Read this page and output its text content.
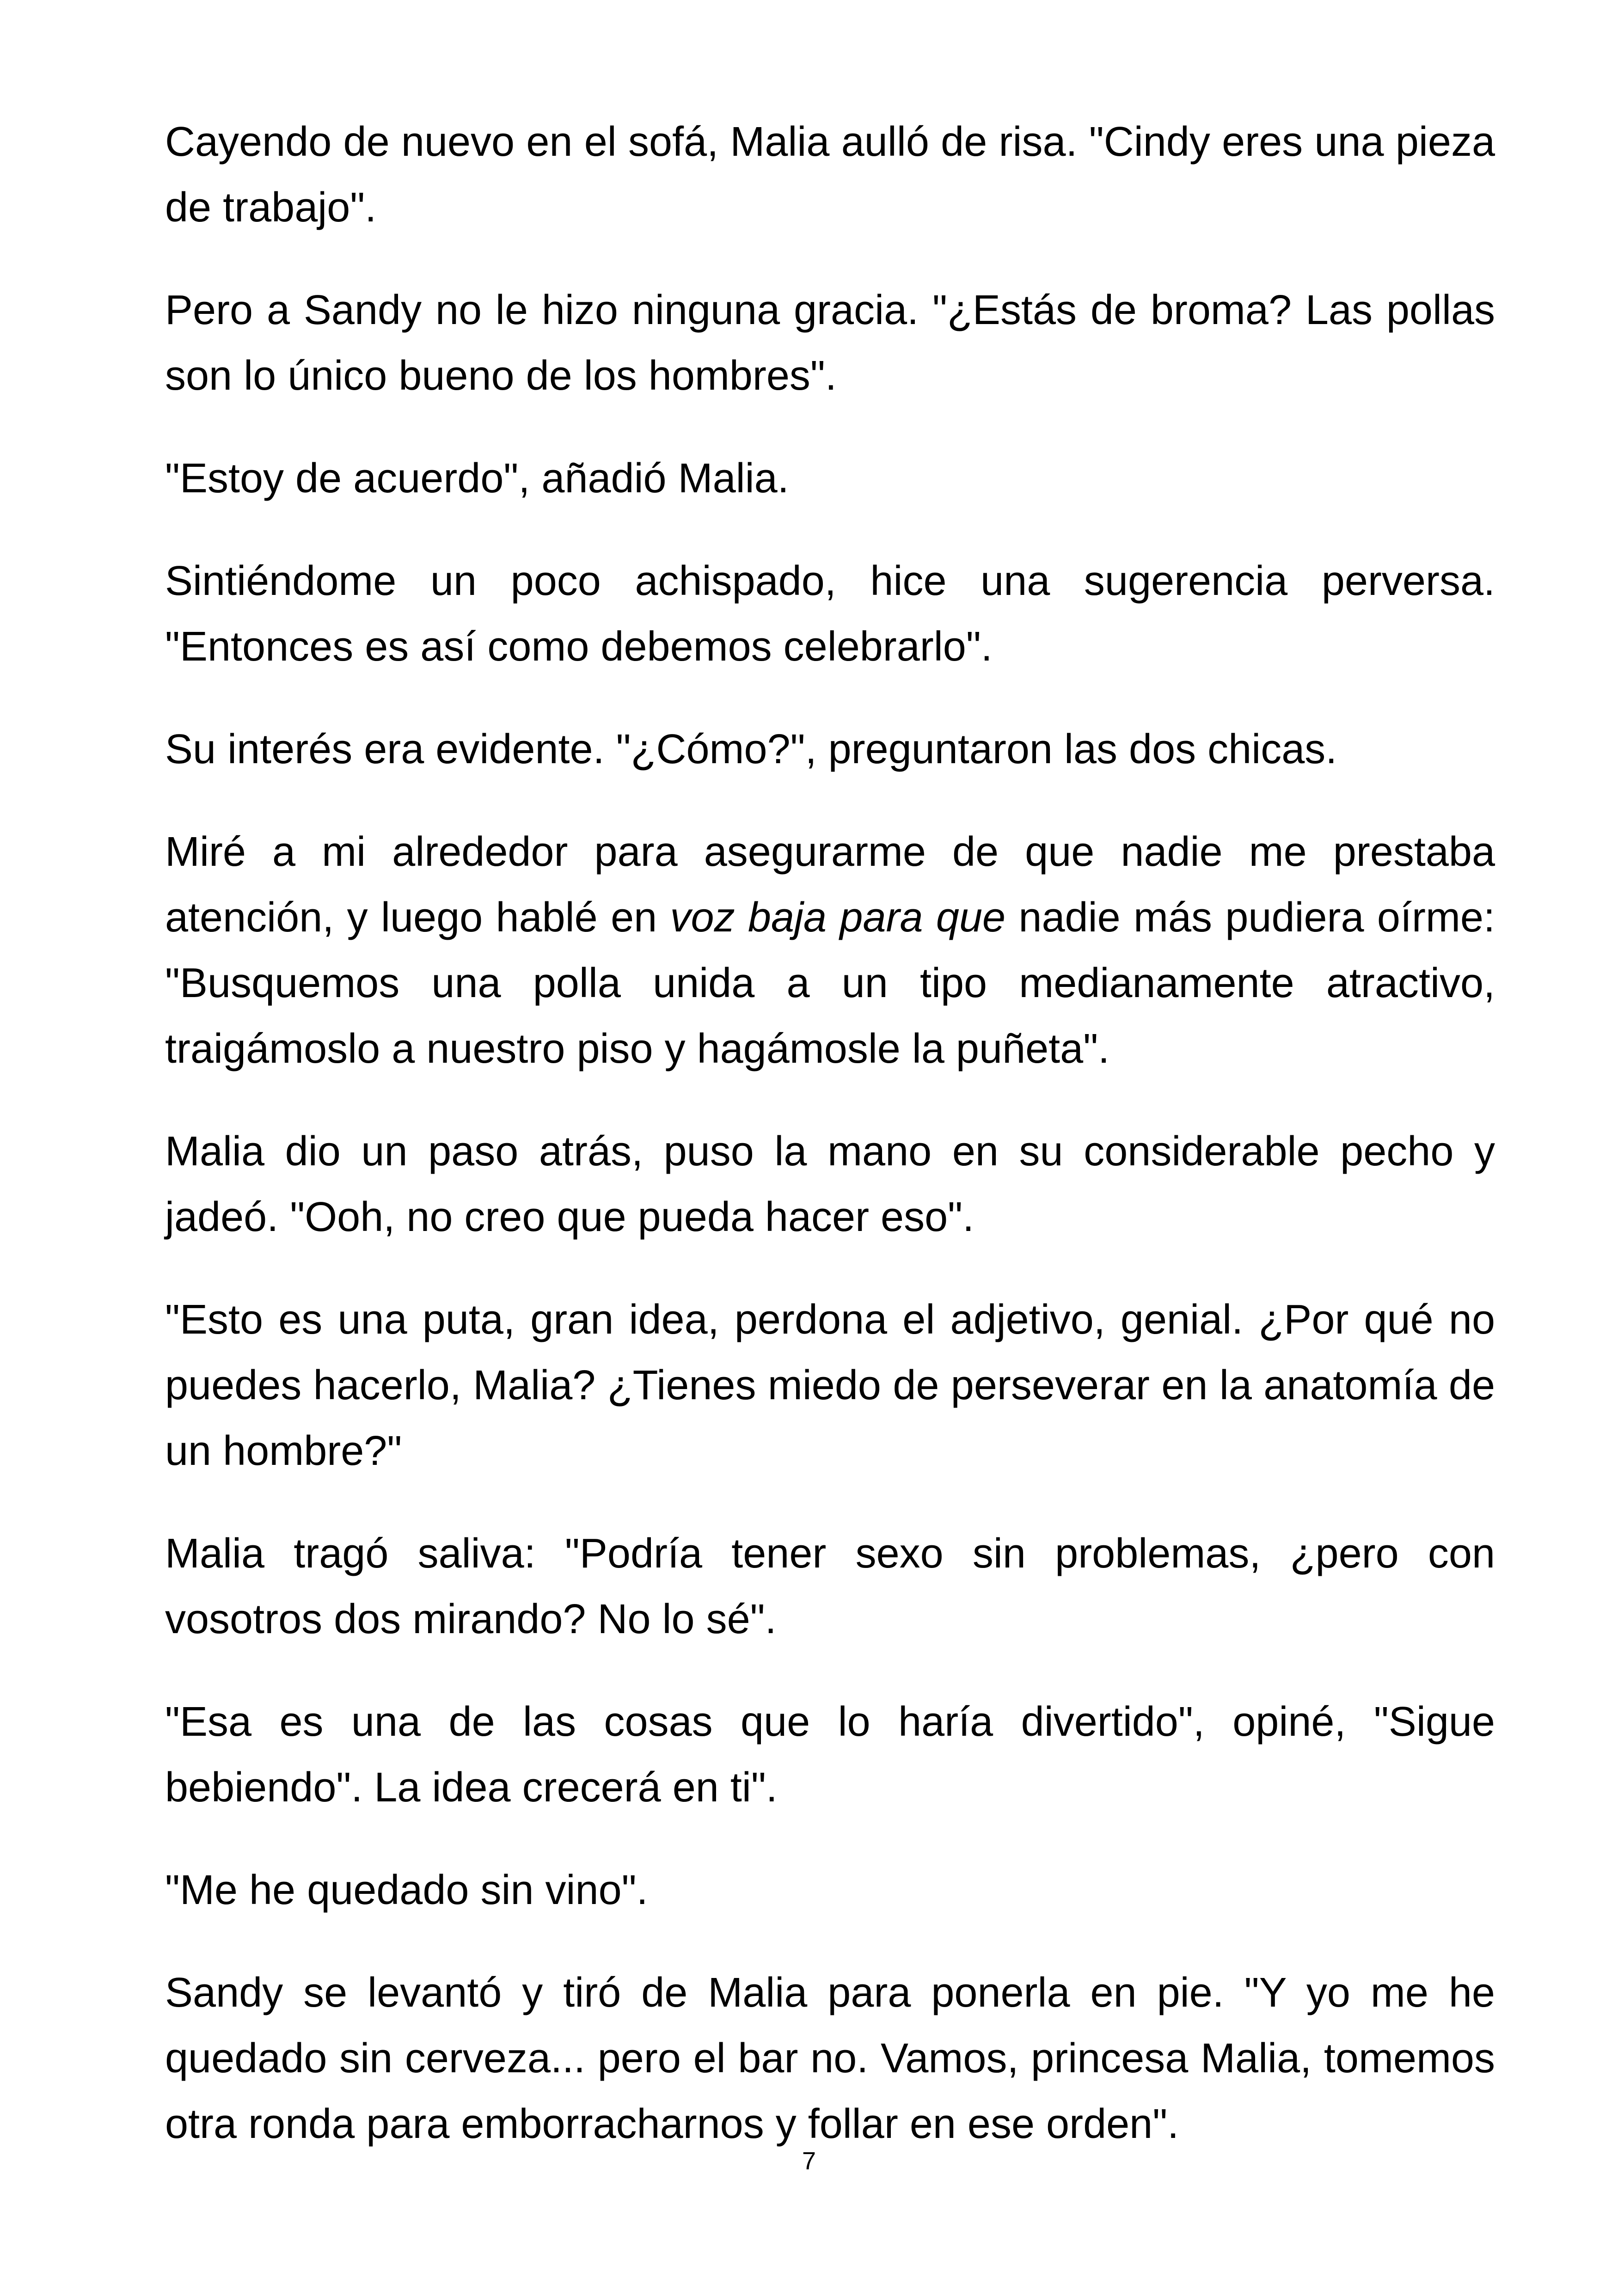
Cayendo de nuevo en el sofá, Malia aulló de risa. "Cindy eres una pieza de trabajo".

Pero a Sandy no le hizo ninguna gracia. "¿Estás de broma? Las pollas son lo único bueno de los hombres".

"Estoy de acuerdo", añadió Malia.

Sintiéndome un poco achispado, hice una sugerencia perversa. "Entonces es así como debemos celebrarlo".

Su interés era evidente. "¿Cómo?", preguntaron las dos chicas.

Miré a mi alrededor para asegurarme de que nadie me prestaba atención, y luego hablé en voz baja para que nadie más pudiera oírme: "Busquemos una polla unida a un tipo medianamente atractivo, traigámoslo a nuestro piso y hagámosle la puñeta".

Malia dio un paso atrás, puso la mano en su considerable pecho y jadeó. "Ooh, no creo que pueda hacer eso".

"Esto es una puta, gran idea, perdona el adjetivo, genial. ¿Por qué no puedes hacerlo, Malia? ¿Tienes miedo de perseverar en la anatomía de un hombre?"

Malia tragó saliva: "Podría tener sexo sin problemas, ¿pero con vosotros dos mirando? No lo sé".

"Esa es una de las cosas que lo haría divertido", opiné, "Sigue bebiendo". La idea crecerá en ti".

"Me he quedado sin vino".

Sandy se levantó y tiró de Malia para ponerla en pie. "Y yo me he quedado sin cerveza... pero el bar no. Vamos, princesa Malia, tomemos otra ronda para emborracharnos y follar en ese orden".

7
